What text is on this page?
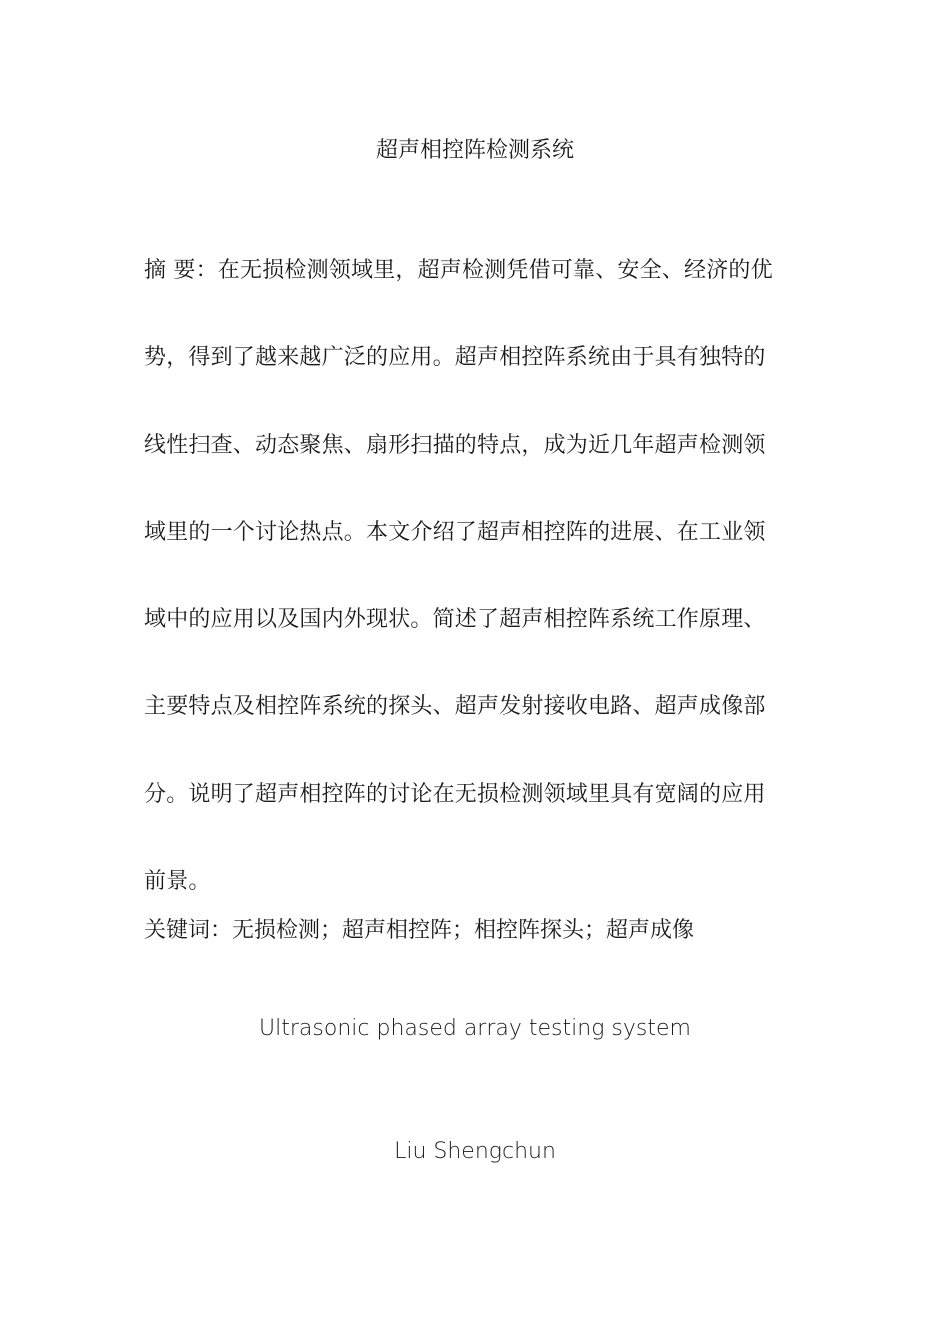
超声相控阵检测系统
摘 要：在无损检测领域里，超声检测凭借可靠、安全、经济的优
势，得到了越来越广泛的应用。超声相控阵系统由于具有独特的
线性扫查、动态聚焦、扇形扫描的特点，成为近几年超声检测领
域里的一个讨论热点。本文介绍了超声相控阵的进展、在工业领
域中的应用以及国内外现状。简述了超声相控阵系统工作原理、
主要特点及相控阵系统的探头、超声发射接收电路、超声成像部
分。说明了超声相控阵的讨论在无损检测领域里具有宽阔的应用
前景。
关键词：无损检测；超声相控阵；相控阵探头；超声成像
Ultrasonic phased array testing system
Liu Shengchun
